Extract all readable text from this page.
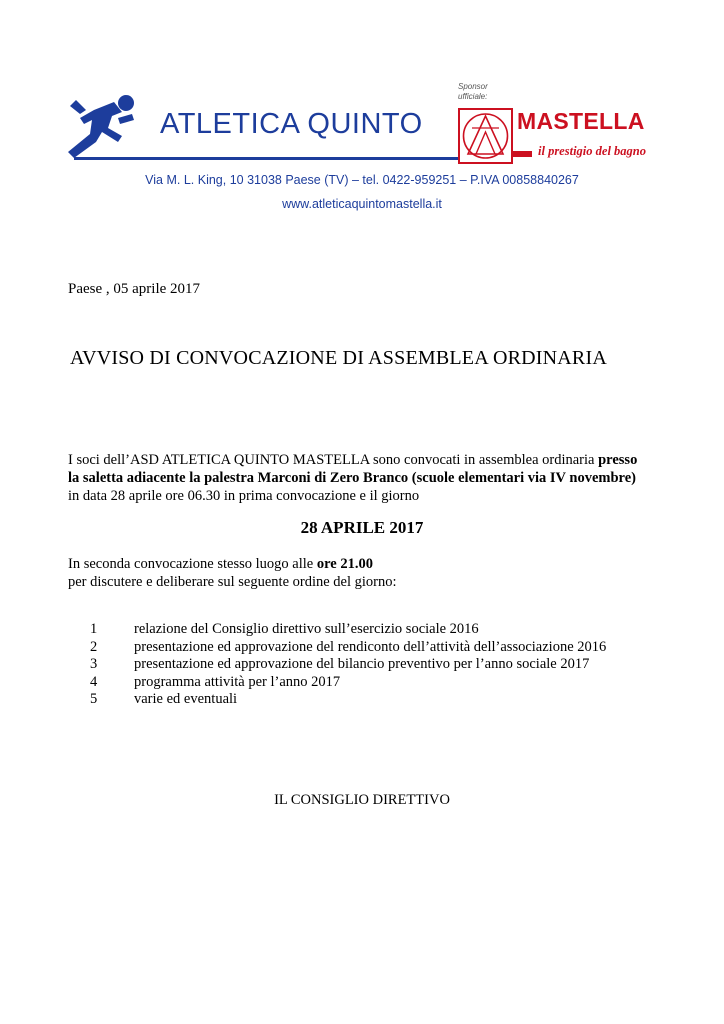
ATLETICA QUINTO
Sponsor
ufficiale:
MASTELLA
il prestigio del bagno
Via M. L. King, 10 31038 Paese (TV) – tel. 0422-959251 – P.IVA 00858840267
www.atleticaquintomastella.it
Paese , 05 aprile 2017
AVVISO DI CONVOCAZIONE DI ASSEMBLEA ORDINARIA
I soci dell’ASD ATLETICA QUINTO MASTELLA sono convocati in assemblea ordinaria presso
la saletta adiacente la palestra Marconi di Zero Branco (scuole elementari via IV novembre)
in data 28 aprile ore 06.30 in prima convocazione e il giorno
28 APRILE 2017
In seconda convocazione stesso luogo alle ore 21.00
per discutere e deliberare sul seguente ordine del giorno:
1	relazione del Consiglio direttivo sull’esercizio sociale 2016
2	presentazione ed approvazione del rendiconto dell’attività dell’associazione 2016
3	presentazione ed approvazione del bilancio preventivo per l’anno sociale 2017
4	programma attività per l’anno 2017
5	varie ed eventuali
IL CONSIGLIO DIRETTIVO
